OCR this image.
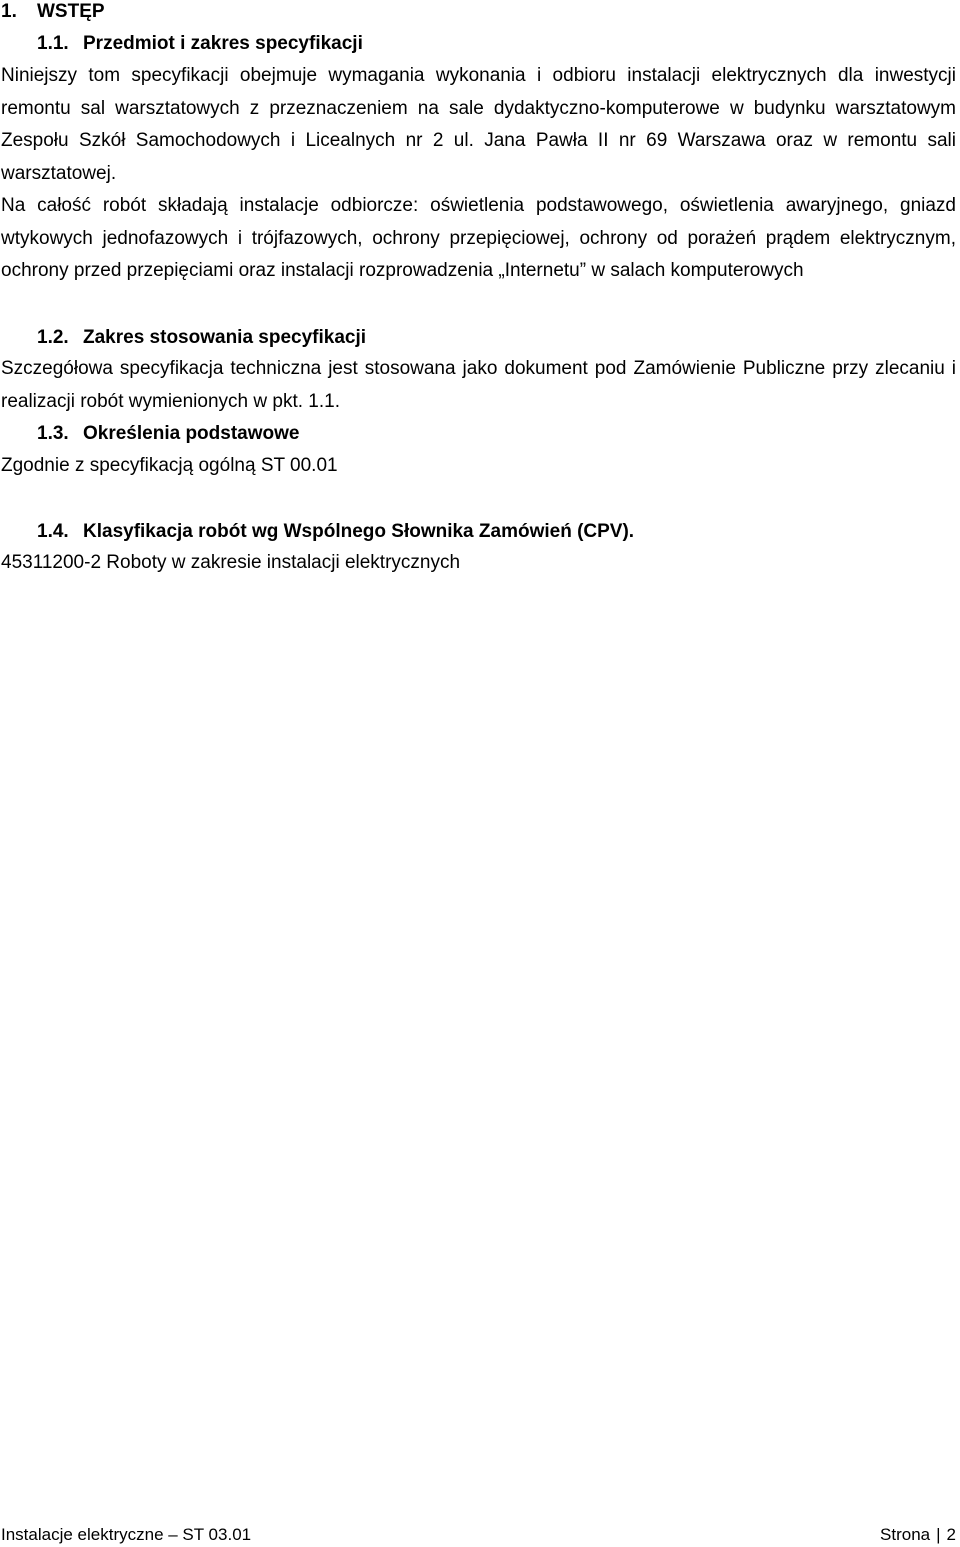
1. WSTĘP
1.1. Przedmiot i zakres specyfikacji
Niniejszy tom specyfikacji obejmuje wymagania wykonania i odbioru instalacji elektrycznych dla inwestycji remontu sal warsztatowych z przeznaczeniem na sale dydaktyczno-komputerowe w budynku warsztatowym Zespołu Szkół Samochodowych i Licealnych nr 2 ul. Jana Pawła II nr 69 Warszawa oraz w remontu sali warsztatowej.
Na całość robót składają instalacje odbiorcze: oświetlenia podstawowego, oświetlenia awaryjnego, gniazd wtykowych jednofazowych i trójfazowych, ochrony przepięciowej, ochrony od porażeń prądem elektrycznym, ochrony przed przepięciami oraz instalacji rozprowadzenia „Internetu” w salach komputerowych
1.2. Zakres stosowania specyfikacji
Szczegółowa specyfikacja techniczna jest stosowana jako dokument pod Zamówienie Publiczne przy zlecaniu i realizacji robót wymienionych w pkt. 1.1.
1.3. Określenia podstawowe
Zgodnie z specyfikacją ogólną ST 00.01
1.4. Klasyfikacja robót wg Wspólnego Słownika Zamówień (CPV).
45311200-2 Roboty w zakresie instalacji elektrycznych
Instalacje elektryczne – ST 03.01	Strona | 2
